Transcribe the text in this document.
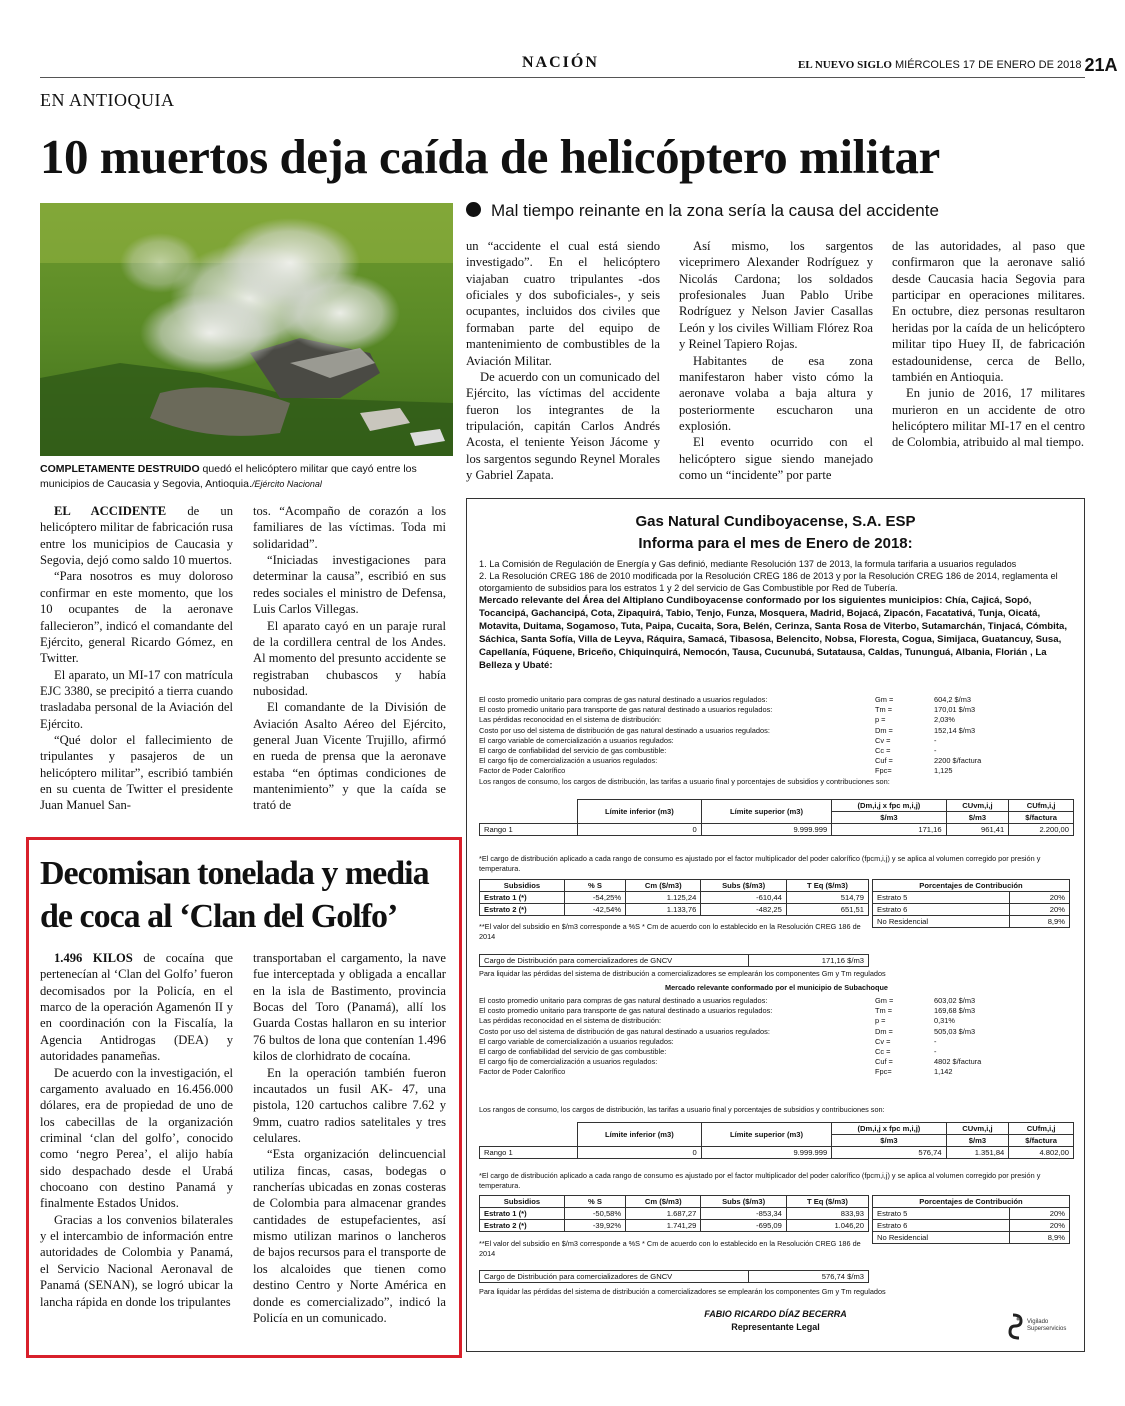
NACIÓN	EL NUEVO SIGLO MIÉRCOLES 17 DE ENERO DE 2018 21A
EN ANTIOQUIA
10 muertos deja caída de helicóptero militar
Mal tiempo reinante en la zona sería la causa del accidente
COMPLETAMENTE DESTRUIDO quedó el helicóptero militar que cayó entre los municipios de Caucasia y Segovia, Antioquia./Ejército Nacional

EL ACCIDENTE de un helicóptero militar de fabricación rusa entre los municipios de Caucasia y Segovia, dejó como saldo 10 muertos.

“Para nosotros es muy doloroso confirmar en este momento, que los 10 ocupantes de la aeronave fallecieron”, indicó el comandante del Ejército, general Ricardo Gómez, en Twitter.

El aparato, un MI-17 con matrícula EJC 3380, se precipitó a tierra cuando trasladaba personal de la Aviación del Ejército.

“Qué dolor el fallecimiento de tripulantes y pasajeros de un helicóptero militar”, escribió también en su cuenta de Twitter el presidente Juan Manuel San-

tos. “Acompaño de corazón a los familiares de las víctimas. Toda mi solidaridad”.

“Iniciadas investigaciones para determinar la causa”, escribió en sus redes sociales el ministro de Defensa, Luis Carlos Villegas.

El aparato cayó en un paraje rural de la cordillera central de los Andes. Al momento del presunto accidente se registraban chubascos y había nubosidad.

El comandante de la División de Aviación Asalto Aéreo del Ejército, general Juan Vicente Trujillo, afirmó en rueda de prensa que la aeronave estaba “en óptimas condiciones de mantenimiento” y que la caída se trató de

un “accidente el cual está siendo investigado”. En el helicóptero viajaban cuatro tripulantes -dos oficiales y dos suboficiales-, y seis ocupantes, incluidos dos civiles que formaban parte del equipo de mantenimiento de combustibles de la Aviación Militar.

De acuerdo con un comunicado del Ejército, las víctimas del accidente fueron los integrantes de la tripulación, capitán Carlos Andrés Acosta, el teniente Yeison Jácome y los sargentos segundo Reynel Morales y Gabriel Zapata.

Así mismo, los sargentos viceprimero Alexander Rodríguez y Nicolás Cardona; los soldados profesionales Juan Pablo Uribe Rodríguez y Nelson Javier Casallas León y los civiles William Flórez Roa y Reinel Tapiero Rojas.

Habitantes de esa zona manifestaron haber visto cómo la aeronave volaba a baja altura y posteriormente escucharon una explosión.

El evento ocurrido con el helicóptero sigue siendo manejado como un “incidente” por parte

de las autoridades, al paso que confirmaron que la aeronave salió desde Caucasia hacia Segovia para participar en operaciones militares. En octubre, diez personas resultaron heridas por la caída de un helicóptero militar tipo Huey II, de fabricación estadounidense, cerca de Bello, también en Antioquia.

En junio de 2016, 17 militares murieron en un accidente de otro helicóptero militar MI-17 en el centro de Colombia, atribuido al mal tiempo.

Decomisan tonelada y media de coca al ‘Clan del Golfo’

1.496 KILOS de cocaína que pertenecían al ‘Clan del Golfo’ fueron decomisados por la Policía, en el marco de la operación Agamenón II y en coordinación con la Fiscalía, la Agencia Antidrogas (DEA) y autoridades panameñas.

De acuerdo con la investigación, el cargamento avaluado en 16.456.000 dólares, era de propiedad de uno de los cabecillas de la organización criminal ‘clan del golfo’, conocido como ‘negro Perea’, el alijo había sido despachado desde el Urabá chocoano con destino Panamá y finalmente Estados Unidos.

Gracias a los convenios bilaterales y el intercambio de información entre autoridades de Colombia y Panamá, el Servicio Nacional Aeronaval de Panamá (SENAN), se logró ubicar la lancha rápida en donde los tripulantes

transportaban el cargamento, la nave fue interceptada y obligada a encallar en la isla de Bastimento, provincia Bocas del Toro (Panamá), allí los Guarda Costas hallaron en su interior 76 bultos de lona que contenían 1.496 kilos de clorhidrato de cocaína.

En la operación también fueron incautados un fusil AK- 47, una pistola, 120 cartuchos calibre 7.62 y 9mm, cuatro radios satelitales y tres celulares.

“Esta organización delincuencial utiliza fincas, casas, bodegas o rancherías ubicadas en zonas costeras de Colombia para almacenar grandes cantidades de estupefacientes, así mismo utilizan marinos o lancheros de bajos recursos para el transporte de los alcaloides que tienen como destino Centro y Norte América en donde es comercializado”, indicó la Policía en un comunicado.

Gas Natural Cundiboyacense, S.A. ESP
Informa para el mes de Enero de 2018:
1. La Comisión de Regulación de Energía y Gas definió, mediante Resolución 137 de 2013, la formula tarifaria a usuarios regulados
2. La Resolución CREG 186 de 2010 modificada por la Resolución CREG 186 de 2013 y por la Resolución CREG 186 de 2014, reglamenta el otorgamiento de subsidios para los estratos 1 y 2 del servicio de Gas Combustible por Red de Tubería.
Mercado relevante del Área del Altiplano Cundiboyacense conformado por los siguientes municipios: Chía, Cajicá, Sopó, Tocancipá, Gachancipá, Cota, Zipaquirá, Tabio, Tenjo, Funza, Mosquera, Madrid, Bojacá, Zipacón, Facatativá, Tunja, Oicatá, Motavita, Duitama, Sogamoso, Tuta, Paipa, Cucaita, Sora, Belén, Cerinza, Santa Rosa de Viterbo, Sutamarchán, Tinjacá, Cómbita, Sáchica, Santa Sofía, Villa de Leyva, Ráquira, Samacá, Tibasosa, Belencito, Nobsa, Floresta, Cogua, Simijaca, Guatancuy, Susa, Capellanía, Fúquene, Briceño, Chiquinquirá, Nemocón, Tausa, Cucunubá, Sutatausa, Caldas, Tununguá, Albania, Florián , La Belleza y Ubaté:
El costo promedio unitario para compras de gas natural destinado a usuarios regulados:	Gm =	604,2 $/m3
El costo promedio unitario para transporte de gas natural destinado a usuarios regulados:	Tm =	170,01 $/m3
Las pérdidas reconocidad en el sistema de distribución:	p =	2,03%
Costo por uso del sistema de distribución de gas natural destinado a usuarios regulados:	Dm =	152,14 $/m3
El cargo variable de comercialización a usuarios regulados:	Cv =	-
El cargo de confiabilidad del servicio de gas combustible:	Cc =	-
El cargo fijo de comercialización a usuarios regulados:	Cuf =	2200 $/factura
Factor de Poder Calorífico	Fpc=	1,125
Los rangos de consumo, los cargos de distribución, las tarifas a usuario final y porcentajes de subsidios y contribuciones son:
	Límite inferior (m3)	Límite superior (m3)	(Dm,i,j x fpc m,i,j)	CUvm,i,j	CUfm,i,j
			$/m3	$/m3	$/factura
Rango 1	0	9.999.999	171,16	961,41	2.200,00
*El cargo de distribución aplicado a cada rango de consumo es ajustado por el factor multiplicador del poder calorífico (fpcm,i,j) y se aplica al volumen corregido por presión y temperatura.
Subsidios	% S	Cm ($/m3)	Subs ($/m3)	T Eq ($/m3)
Estrato 1 (*)	-54,25%	1.125,24	-610,44	514,79
Estrato 2 (*)	-42,54%	1.133,76	-482,25	651,51
Porcentajes de Contribución	
Estrato 5	20%
Estrato 6	20%
No Residencial	8,9%
**El valor del subsidio en $/m3 corresponde a %S * Cm de acuerdo con lo establecido en la Resolución CREG 186 de 2014
Cargo de Distribución para comercializadores de GNCV	171,16 $/m3
Para liquidar las pérdidas del sistema de distribución a comercializadores se emplearán los componentes Gm y Tm regulados
Mercado relevante conformado por el municipio de Subachoque
El costo promedio unitario para compras de gas natural destinado a usuarios regulados:	Gm =	603,02 $/m3
El costo promedio unitario para transporte de gas natural destinado a usuarios regulados:	Tm =	169,68 $/m3
Las pérdidas reconocidad en el sistema de distribución:	p =	0,31%
Costo por uso del sistema de distribución de gas natural destinado a usuarios regulados:	Dm =	505,03 $/m3
El cargo variable de comercialización a usuarios regulados:	Cv =	-
El cargo de confiabilidad del servicio de gas combustible:	Cc =	-
El cargo fijo de comercialización a usuarios regulados:	Cuf =	4802 $/factura
Factor de Poder Calorífico	Fpc=	1,142
Los rangos de consumo, los cargos de distribución, las tarifas a usuario final y porcentajes de subsidios y contribuciones son:
	Límite inferior (m3)	Límite superior (m3)	(Dm,i,j x fpc m,i,j)	CUvm,i,j	CUfm,i,j
			$/m3	$/m3	$/factura
Rango 1	0	9.999.999	576,74	1.351,84	4.802,00
*El cargo de distribución aplicado a cada rango de consumo es ajustado por el factor multiplicador del poder calorífico (fpcm,i,j) y se aplica al volumen corregido por presión y temperatura.
Subsidios	% S	Cm ($/m3)	Subs ($/m3)	T Eq ($/m3)
Estrato 1 (*)	-50,58%	1.687,27	-853,34	833,93
Estrato 2 (*)	-39,92%	1.741,29	-695,09	1.046,20
Porcentajes de Contribución	
Estrato 5	20%
Estrato 6	20%
No Residencial	8,9%
**El valor del subsidio en $/m3 corresponde a %S * Cm de acuerdo con lo establecido en la Resolución CREG 186 de 2014
Cargo de Distribución para comercializadores de GNCV	576,74 $/m3
Para liquidar las pérdidas del sistema de distribución a comercializadores se emplearán los componentes Gm y Tm regulados
FABIO RICARDO DÍAZ BECERRA
Representante Legal	Vigilado Superservicios
